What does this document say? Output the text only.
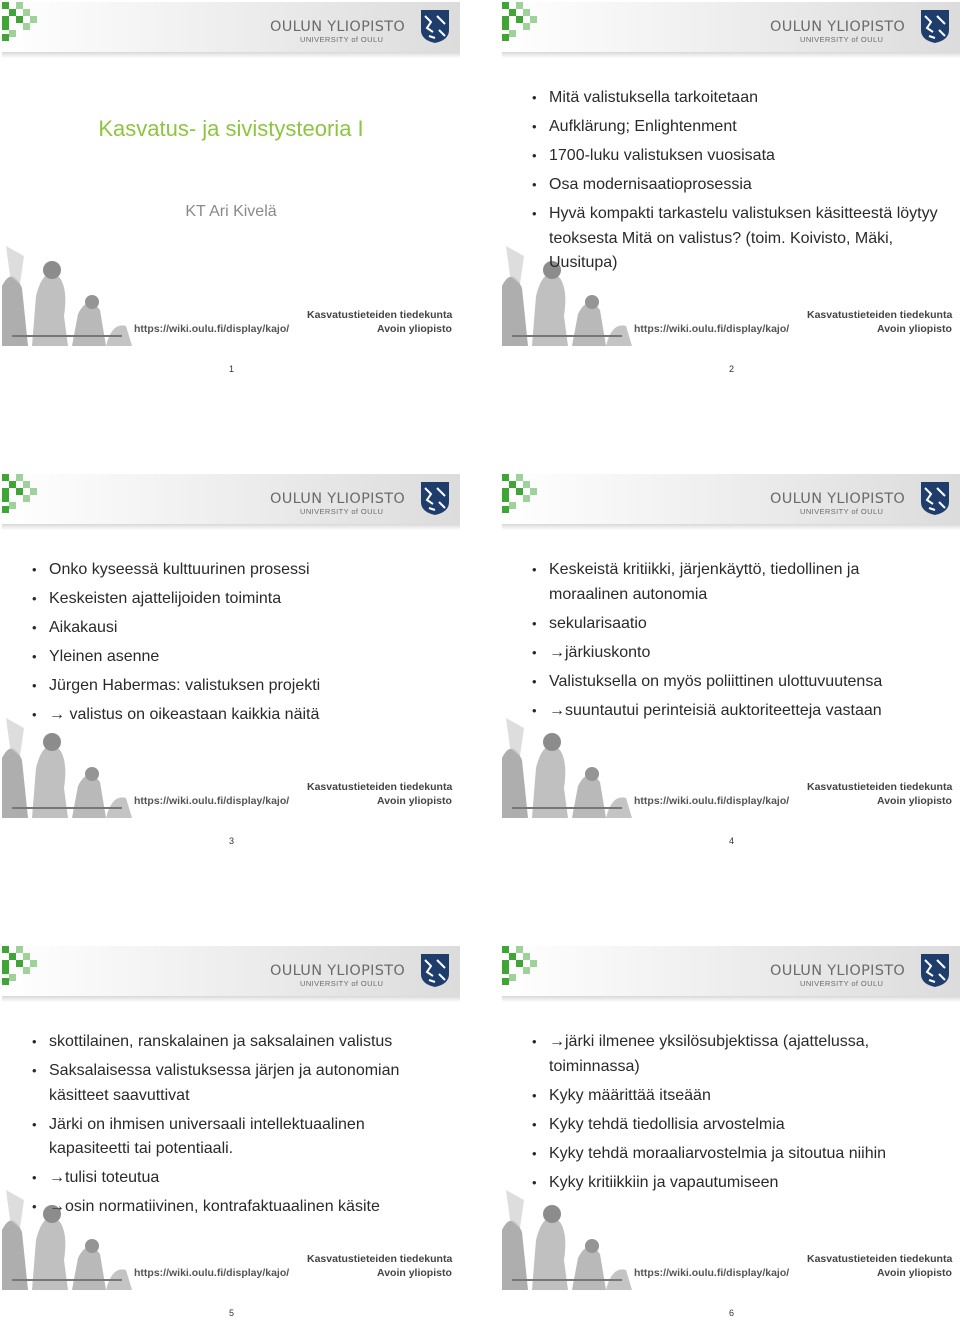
OULUN YLIOPISTO
UNIVERSITY of OULU
https://wiki.oulu.fi/display/kajo/
Kasvatustieteiden tiedekunta
Avoin yliopisto
Kasvatus- ja sivistysteoria I
KT Ari Kivelä
OULUN YLIOPISTO
UNIVERSITY of OULU
https://wiki.oulu.fi/display/kajo/
Kasvatustieteiden tiedekunta
Avoin yliopisto
• Mitä valistuksella tarkoitetaan
• Aufklärung; Enlightenment
• 1700-luku valistuksen vuosisata
• Osa modernisaatioprosessia
• Hyvä kompakti tarkastelu valistuksen käsitteestä löytyy teoksesta Mitä on valistus? (toim. Koivisto, Mäki, Uusitupa)
OULUN YLIOPISTO
UNIVERSITY of OULU
https://wiki.oulu.fi/display/kajo/
Kasvatustieteiden tiedekunta
Avoin yliopisto
• Onko kyseessä kulttuurinen prosessi
• Keskeisten ajattelijoiden toiminta
• Aikakausi
• Yleinen asenne
• Jürgen Habermas: valistuksen projekti
• → valistus on oikeastaan kaikkia näitä
OULUN YLIOPISTO
UNIVERSITY of OULU
https://wiki.oulu.fi/display/kajo/
Kasvatustieteiden tiedekunta
Avoin yliopisto
• Keskeistä kritiikki, järjenkäyttö, tiedollinen ja moraalinen autonomia
• sekularisaatio
• →järkiuskonto
• Valistuksella on myös poliittinen ulottuvuutensa
• →suuntautui perinteisiä auktoriteetteja vastaan
OULUN YLIOPISTO
UNIVERSITY of OULU
https://wiki.oulu.fi/display/kajo/
Kasvatustieteiden tiedekunta
Avoin yliopisto
• skottilainen, ranskalainen ja saksalainen valistus
• Saksalaisessa valistuksessa järjen ja autonomian käsitteet saavuttivat
• Järki on ihmisen universaali intellektuaalinen kapasiteetti tai potentiaali.
• →tulisi toteutua
• →osin normatiivinen, kontrafaktuaalinen käsite
OULUN YLIOPISTO
UNIVERSITY of OULU
https://wiki.oulu.fi/display/kajo/
Kasvatustieteiden tiedekunta
Avoin yliopisto
• →järki ilmenee yksilösubjektissa (ajattelussa, toiminnassa)
• Kyky määrittää itseään
• Kyky tehdä tiedollisia arvostelmia
• Kyky tehdä moraaliarvostelmia ja sitoutua niihin
• Kyky kritiikkiin ja vapautumiseen
1	2
3	4
5	6
